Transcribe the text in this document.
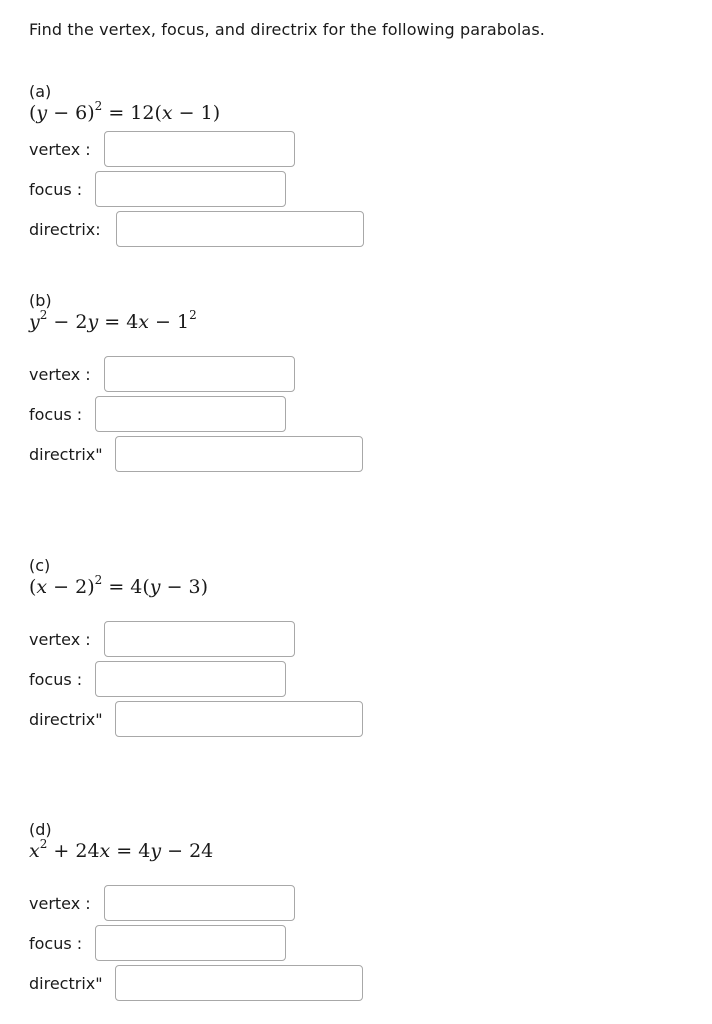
Find the vertex, focus, and directrix for the following parabolas.
(a)
$(y - 6)^2 = 12(x - 1)$
vertex :
focus :
directrix:
(b)
$y^2 - 2y = 4x - 1^2$
vertex :
focus :
directrix"
(c)
$(x - 2)^2 = 4(y - 3)$
vertex :
focus :
directrix"
(d)
$x^2 + 24x = 4y - 24$
vertex :
focus :
directrix"
